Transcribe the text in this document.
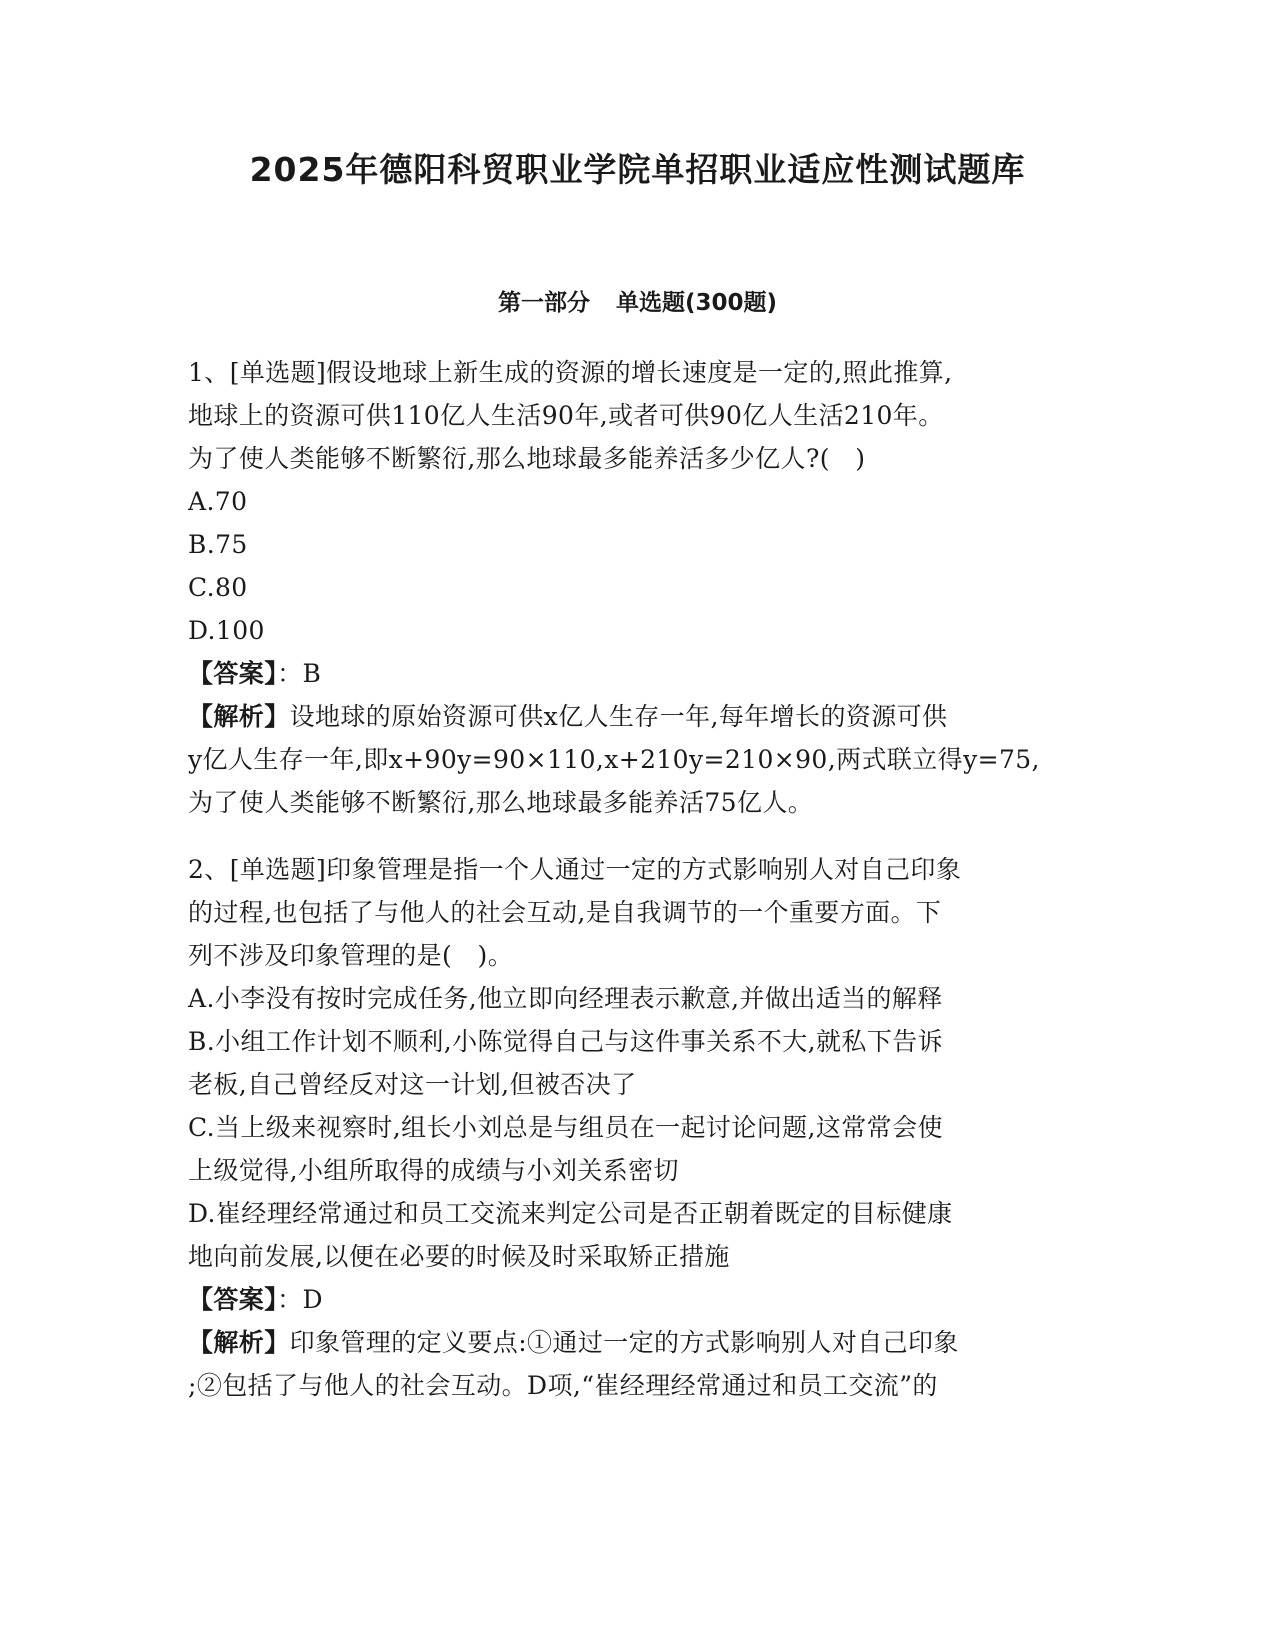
2025年德阳科贸职业学院单招职业适应性测试题库
第一部分 单选题(300题)

1、[单选题]假设地球上新生成的资源的增长速度是一定的,照此推算,

地球上的资源可供110亿人生活90年,或者可供90亿人生活210年。

为了使人类能够不断繁衍,那么地球最多能养活多少亿人?(　)

A.70

B.75

C.80

D.100

【答案】：B

【解析】设地球的原始资源可供x亿人生存一年,每年增长的资源可供

y亿人生存一年,即x+90y=90×110,x+210y=210×90,两式联立得y=75,

为了使人类能够不断繁衍,那么地球最多能养活75亿人。

2、[单选题]印象管理是指一个人通过一定的方式影响别人对自己印象

的过程,也包括了与他人的社会互动,是自我调节的一个重要方面。下

列不涉及印象管理的是(　)。

A.小李没有按时完成任务,他立即向经理表示歉意,并做出适当的解释

B.小组工作计划不顺利,小陈觉得自己与这件事关系不大,就私下告诉

老板,自己曾经反对这一计划,但被否决了

C.当上级来视察时,组长小刘总是与组员在一起讨论问题,这常常会使

上级觉得,小组所取得的成绩与小刘关系密切

D.崔经理经常通过和员工交流来判定公司是否正朝着既定的目标健康

地向前发展,以便在必要的时候及时采取矫正措施

【答案】：D

【解析】印象管理的定义要点:①通过一定的方式影响别人对自己印象

;②包括了与他人的社会互动。D项,“崔经理经常通过和员工交流”的
